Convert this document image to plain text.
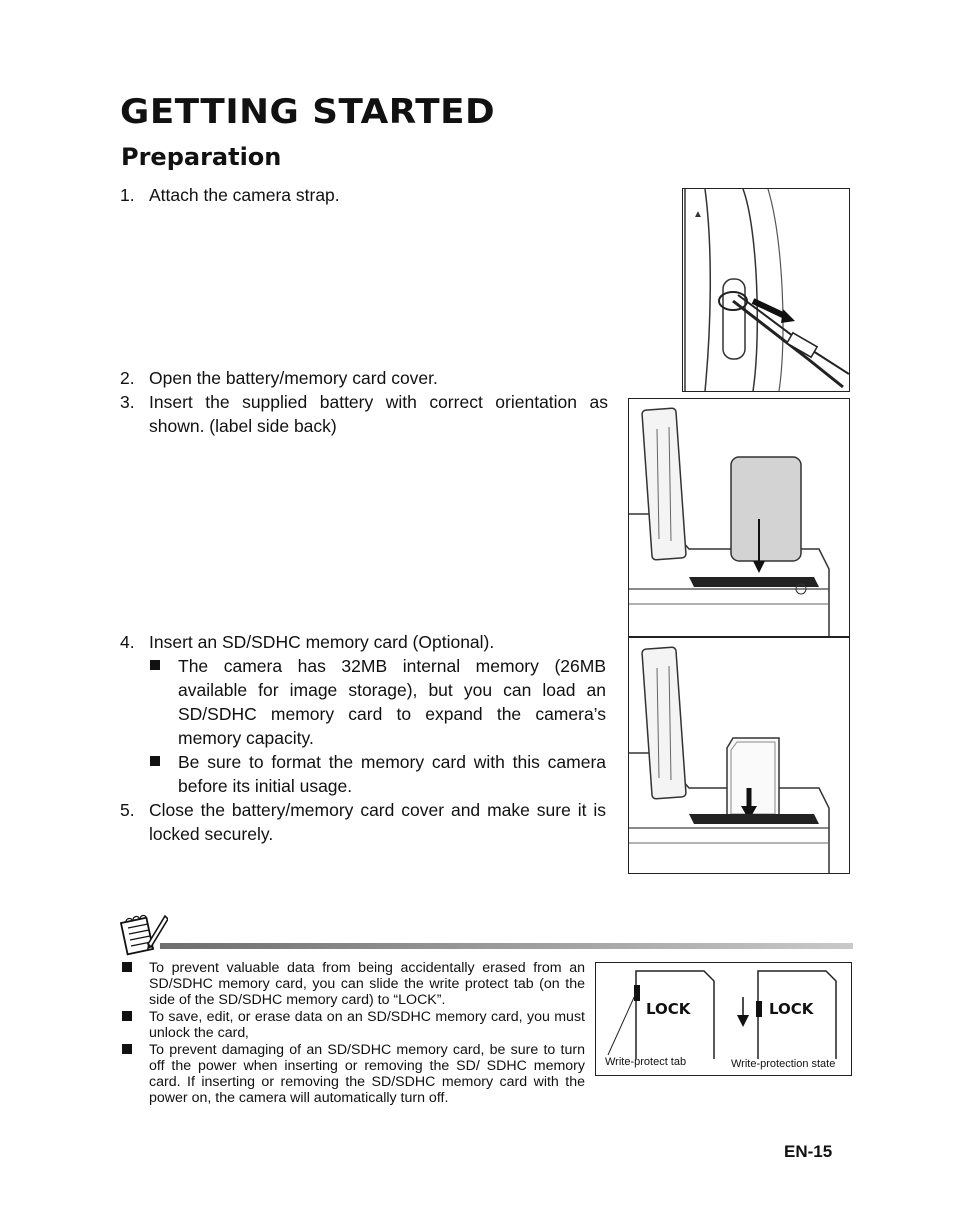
GETTING STARTED
Preparation
1. Attach the camera strap.
2. Open the battery/memory card cover.
3. Insert the supplied battery with correct orientation as shown. (label side back)
4. Insert an SD/SDHC memory card (Optional).
The camera has 32MB internal memory (26MB available for image storage), but you can load an SD/SDHC memory card to expand the camera’s memory capacity.
Be sure to format the memory card with this camera before its initial usage.
5. Close the battery/memory card cover and make sure it is locked securely.
▲
To prevent valuable data from being accidentally erased from an SD/SDHC memory card, you can slide the write protect tab (on the side of the SD/SDHC memory card) to “LOCK”.
To save, edit, or erase data on an SD/SDHC memory card, you must unlock the card‚
To prevent damaging of an SD/SDHC memory card, be sure to turn off the power when inserting or removing the SD/ SDHC memory card. If inserting or removing the SD/SDHC memory card with the power on, the camera will automatically turn off.
LOCK	LOCK
Write-protect tab	Write-protection state
EN-15
